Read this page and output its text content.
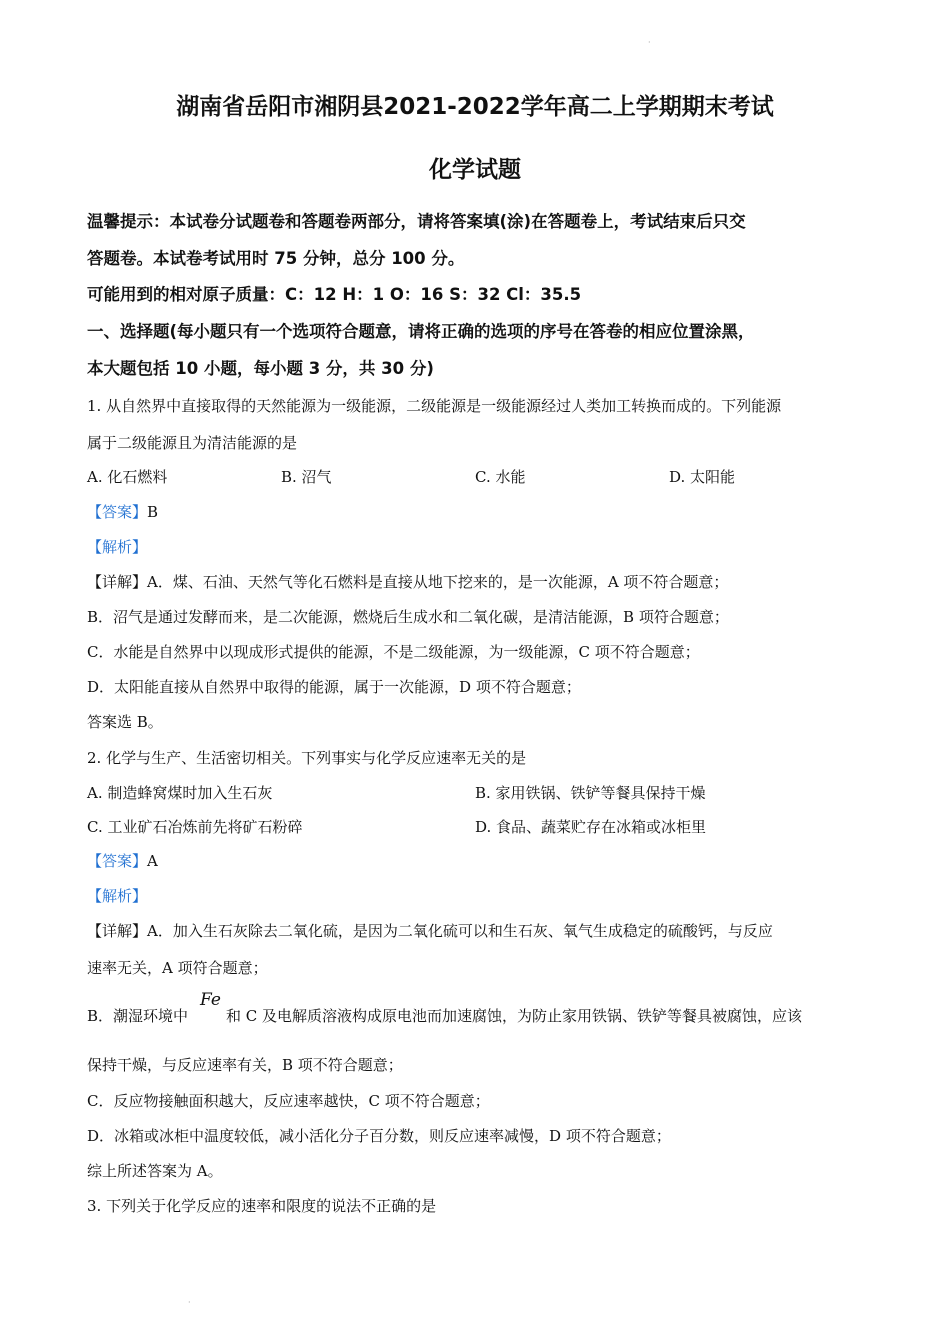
·
湖南省岳阳市湘阴县2021-2022学年高二上学期期末考试
化学试题
温馨提示：本试卷分试题卷和答题卷两部分，请将答案填(涂)在答题卷上，考试结束后只交
答题卷。本试卷考试用时 75 分钟，总分 100 分。
可能用到的相对原子质量：C：12 H：1 O：16 S：32 Cl：35.5
一、选择题(每小题只有一个选项符合题意，请将正确的选项的序号在答卷的相应位置涂黑，
本大题包括 10 小题，每小题 3 分，共 30 分)
1. 从自然界中直接取得的天然能源为一级能源，二级能源是一级能源经过人类加工转换而成的。下列能源
属于二级能源且为清洁能源的是
A. 化石燃料	B. 沼气	C. 水能	D. 太阳能
【答案】B
【解析】
【详解】A．煤、石油、天然气等化石燃料是直接从地下挖来的，是一次能源，A 项不符合题意；
B．沼气是通过发酵而来，是二次能源，燃烧后生成水和二氧化碳，是清洁能源，B 项符合题意；
C．水能是自然界中以现成形式提供的能源，不是二级能源，为一级能源，C 项不符合题意；
D．太阳能直接从自然界中取得的能源，属于一次能源，D 项不符合题意；
答案选 B。
2. 化学与生产、生活密切相关。下列事实与化学反应速率无关的是
A. 制造蜂窝煤时加入生石灰	B. 家用铁锅、铁铲等餐具保持干燥
C. 工业矿石冶炼前先将矿石粉碎	D. 食品、蔬菜贮存在冰箱或冰柜里
【答案】A
【解析】
【详解】A．加入生石灰除去二氧化硫，是因为二氧化硫可以和生石灰、氧气生成稳定的硫酸钙，与反应
速率无关，A 项符合题意；
Fe
B．潮湿环境中	和 C 及电解质溶液构成原电池而加速腐蚀，为防止家用铁锅、铁铲等餐具被腐蚀，应该
保持干燥，与反应速率有关，B 项不符合题意；
C．反应物接触面积越大，反应速率越快，C 项不符合题意；
D．冰箱或冰柜中温度较低，减小活化分子百分数，则反应速率减慢，D 项不符合题意；
综上所述答案为 A。
3. 下列关于化学反应的速率和限度的说法不正确的是
·
